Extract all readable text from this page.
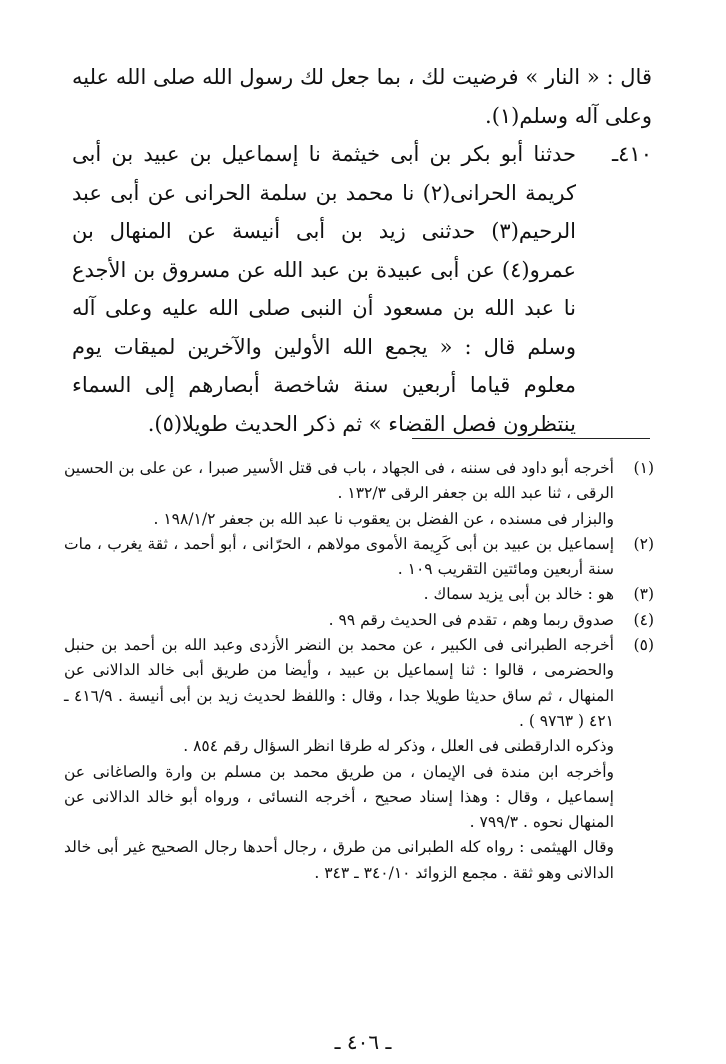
قال : « النار » فرضيت لك ، بما جعل لك رسول الله صلى الله عليه وعلى آله وسلم(١).

٤١٠ـ
حدثنا أبو بكر بن أبى خيثمة نا إسماعيل بن عبيد بن أبى كريمة الحرانى(٢) نا محمد بن سلمة الحرانى عن أبى عبد الرحيم(٣) حدثنى زيد بن أبى أنيسة عن المنهال بن عمرو(٤) عن أبى عبيدة بن عبد الله عن مسروق بن الأجدع نا عبد الله بن مسعود أن النبى صلى الله عليه وعلى آله وسلم قال : « يجمع الله الأولين والآخرين لميقات يوم معلوم قياما أربعين سنة شاخصة أبصارهم إلى السماء ينتظرون فصل القضاء » ثم ذكر الحديث طويلا(٥).
(١)

أخرجه أبو داود فى سننه ، فى الجهاد ، باب فى قتل الأسير صبرا ، عن على بن الحسين الرقى ، ثنا عبد الله بن جعفر الرقى ١٣٢/٣ .

والبزار فى مسنده ، عن الفضل بن يعقوب نا عبد الله بن جعفر ١٩٨/١/٢ .

(٢)

إسماعيل بن عبيد بن أبى كَرِيمة الأموى مولاهم ، الحرّانى ، أبو أحمد ، ثقة يغرب ، مات سنة أربعين ومائتين التقريب ١٠٩ .

(٣)

هو : خالد بن أبى يزيد سماك .

(٤)

صدوق ربما وهم ، تقدم فى الحديث رقم ٩٩ .

(٥)

أخرجه الطبرانى فى الكبير ، عن محمد بن النضر الأزدى وعبد الله بن أحمد بن حنبل والحضرمى ، قالوا : ثنا إسماعيل بن عبيد ، وأيضا من طريق أبى خالد الدالانى عن المنهال ، ثم ساق حديثا طويلا جدا ، وقال : واللفظ لحديث زيد بن أبى أنيسة . ٤١٦/٩ ـ ٤٢١ ( ٩٧٦٣ ) .

وذكره الدارقطنى فى العلل ، وذكر له طرقا انظر السؤال رقم ٨٥٤ .

وأخرجه ابن مندة فى الإيمان ، من طريق محمد بن مسلم بن وارة والصاغانى عن إسماعيل ، وقال : وهذا إسناد صحيح ، أخرجه النسائى ، ورواه أبو خالد الدالانى عن المنهال نحوه . ٧٩٩/٣ .

وقال الهيثمى : رواه كله الطبرانى من طرق ، رجال أحدها رجال الصحيح غير أبى خالد الدالانى وهو ثقة . مجمع الزوائد ٣٤٠/١٠ ـ ٣٤٣ .

ـ ٤٠٦ ـ
